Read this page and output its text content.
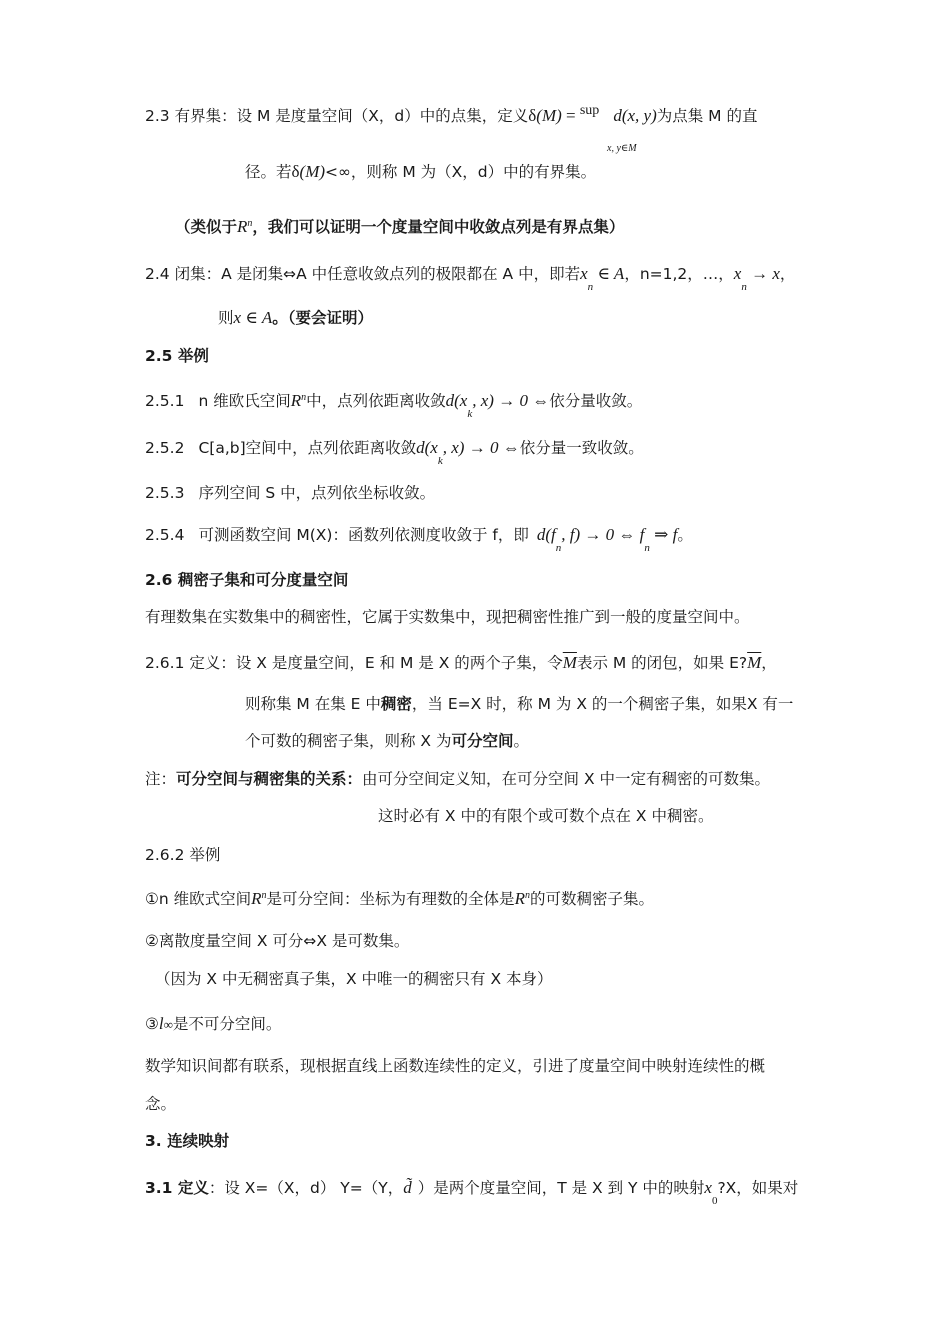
2.3 有界集：设 M 是度量空间（X，d）中的点集，定义δ(M) = sup d(x, y)为点集 M 的直
x, y∈M
径。若δ(M)<∞，则称 M 为（X，d）中的有界集。
（类似于$R^n$，我们可以证明一个度量空间中收敛点列是有界点集）
2.4 闭集：A 是闭集⇔A 中任意收敛点列的极限都在 A 中，即若$x_n$ ∈ A，n=1,2，…，$x_n \to x$，
则x ∈ A。（要会证明）
2.5 举例
2.5.1 n 维欧氏空间$R^n$中，点列依距离收敛$d(x_k$, x) → 0 ⇔依分量收敛。
2.5.2 C[a,b]空间中，点列依距离收敛$d(x_k$, x) → 0 ⇔依分量一致收敛。
2.5.3 序列空间 S 中，点列依坐标收敛。
2.5.4 可测函数空间 M(X)：函数列依测度收敛于 f，即 $d(f_n$, f) → 0 ⇔ $f_n$ ⇒ f。
2.6 稠密子集和可分度量空间
有理数集在实数集中的稠密性，它属于实数集中，现把稠密性推广到一般的度量空间中。
2.6.1 定义：设 X 是度量空间，E 和 M 是 X 的两个子集，令$\overline{M}$表示 M 的闭包，如果 $E?\overline{M}$，
则称集 M 在集 E 中稠密，当 E=X 时，称 M 为 X 的一个稠密子集，如果X 有一
个可数的稠密子集，则称 X 为可分空间。
注：可分空间与稠密集的关系：由可分空间定义知，在可分空间 X 中一定有稠密的可数集。
这时必有 X 中的有限个或可数个点在 X 中稠密。
2.6.2 举例
①n 维欧式空间$R^n$是可分空间：坐标为有理数的全体是$R^n$的可数稠密子集。
②离散度量空间 X 可分⇔X 是可数集。
（因为 X 中无稠密真子集，X 中唯一的稠密只有 X 本身）
③l∞是不可分空间。
数学知识间都有联系，现根据直线上函数连续性的定义，引进了度量空间中映射连续性的概
念。
3. 连续映射
3.1 定义：设 X=（X，d） Y=（Y，d̃ ）是两个度量空间，T 是 X 到 Y 中的映射$x_0?X$，如果对
